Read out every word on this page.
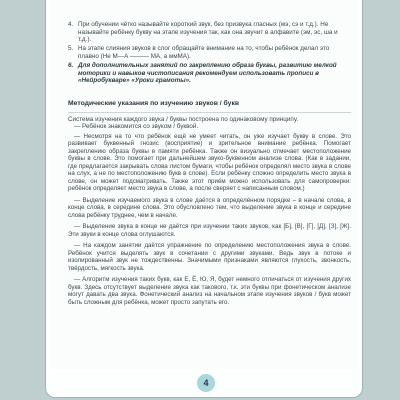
4. При обучении чётко называйте короткий звук, без призвука гласных (мэ, сэ и т.д.). Не называйте ребёнку букву на этапе изучения так, как она звучит в алфавите (эм, эс, ша и т.д.).
5. На этапе слияния звуков в слог обращайте внимание на то, чтобы ребёнок делал это плавно (Не М—А ——— МА, а ммМА).
6. Для дополнительных занятий по закреплению образа буквы, развитию мелкой моторики и навыков чистописания рекомендуем использовать прописи в «Нейробукваре» «Уроки грамоты».
Методические указания по изучению звуков / букв
Система изучения каждого звука / буквы построена по одинаковому принципу.
— Ребёнок знакомится со звуком / буквой.
— Несмотря на то что ребёнок ещё не умеет читать, он уже изучает букву в слове. Это развивает буквенный гнозис (восприятие) и зрительное внимание ребёнка. Помогает закреплению образа буквы в памяти ребёнка. Также он визуально отмечает местоположение буквы в слове. Это помогает при дальнейшем звуко-буквенном анализе слова. (Как в задании, где предлагается закрывать слова листом бумаги, чтобы ребёнок определял место звука в слове на слух, а не по местоположению букв в слове). Если ребёнку сложно определить место звука в слове, он может подсматривать. Также этот приём можно использовать для самопроверки: ребёнок определяет место звука в слове, а после сверяет с написанным словом.)
— Выделение изучаемого звука в слове даётся в определённом порядке – в начале слова, в конце слова, в середине слова. Это обусловлено тем, что выделение звука в конце и середине слова ребёнку труднее, чем в начале.
— Выделение звука в конце не даётся при изучении таких звуков, как [Б], [В], [Г], [Д], [З], [Ж]. Эти звуки в конце слова оглушаются.
— На каждом занятии даётся упражнение по определению местоположения звука в слове. Ребёнок учится выделять звук в сочетании с другими звуками. Ведь звук в потоке и изолированный звук не тождественны. Значимыми признаками являются глухость, звонкость, твёрдость, мягкость звука.
— Алгоритм изучения таких букв, как Е, Ё, Ю, Я, будет немного отличаться от изучения других букв. Здесь отсутствует выделение звука как такового, т.к. эти буквы при фонетическом анализе могут давать два звука. Фонетический анализ на начальном этапе изучения звуков / букв может быть сложным для ребёнка, может просто запутать его.
4
